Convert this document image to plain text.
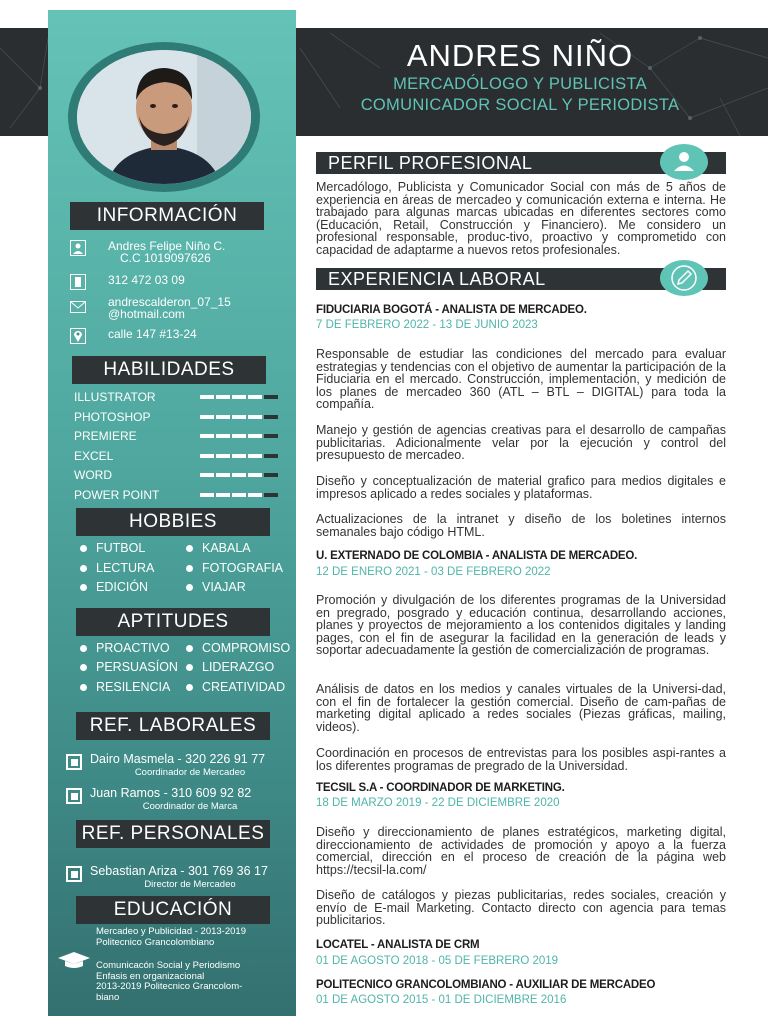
ANDRES NIÑO
MERCADÓLOGO Y PUBLICISTA
COMUNICADOR SOCIAL Y PERIODISTA
INFORMACIÓN
Andres Felipe Niño C.
C.C 1019097626
312 472 03 09
andrescalderon_07_15
@hotmail.com
calle 147 #13-24
HABILIDADES
ILLUSTRATOR
PHOTOSHOP
PREMIERE
EXCEL
WORD
POWER POINT
HOBBIES
FUTBOL	KABALA
LECTURA	FOTOGRAFIA
EDICIÓN	VIAJAR
APTITUDES
PROACTIVO	COMPROMISO
PERSUASÍON LIDERAZGO
RESILENCIA	CREATIVIDAD
REF. LABORALES
Dairo Masmela - 320 226 91 77
Coordinador de Mercadeo
Juan Ramos - 310 609 92 82
Coordinador de Marca
REF. PERSONALES
Sebastian Ariza - 301 769 36 17
Director de Mercadeo
EDUCACIÓN
Mercadeo y Publicidad - 2013-2019
Politecnico Grancolombiano
Comunicacón Social y Periodismo
Enfasis en organizacional
2013-2019 Politecnico Grancolom-
biano
PERFIL PROFESIONAL
Mercadólogo, Publicista y Comunicador Social con más de 5 años de experiencia en áreas de mercadeo y comunicación externa e interna. He trabajado para algunas marcas ubicadas en diferentes sectores como (Educación, Retail, Construcción y Financiero). Me considero un profesional responsable, produc-tivo, proactivo y comprometido con capacidad de adaptarme a nuevos retos profesionales.
EXPERIENCIA LABORAL
FIDUCIARIA BOGOTÁ - ANALISTA DE MERCADEO.
7 DE FEBRERO 2022 - 13 DE JUNIO 2023
Responsable de estudiar las condiciones del mercado para evaluar estrategias y tendencias con el objetivo de aumentar la participación de la Fiduciaria en el mercado. Construcción, implementación, y medición de los planes de mercadeo 360 (ATL – BTL – DIGITAL) para toda la compañía.
Manejo y gestión de agencias creativas para el desarrollo de campañas publicitarias. Adicionalmente velar por la ejecución y control del presupuesto de mercadeo.
Diseño y conceptualización de material grafico para medios digitales e impresos aplicado a redes sociales y plataformas.
Actualizaciones de la intranet y diseño de los boletines internos semanales bajo código HTML.
U. EXTERNADO DE COLOMBIA - ANALISTA DE MERCADEO.
12 DE ENERO 2021 - 03 DE FEBRERO 2022
Promoción y divulgación de los diferentes programas de la Universidad en pregrado, posgrado y educación continua, desarrollando acciones, planes y proyectos de mejoramiento a los contenidos digitales y landing pages, con el fin de asegurar la facilidad en la generación de leads y soportar adecuadamente la gestión de comercialización de programas.
Análisis de datos en los medios y canales virtuales de la Universi-dad, con el fin de fortalecer la gestión comercial. Diseño de cam-pañas de marketing digital aplicado a redes sociales (Piezas gráficas, mailing, videos).
Coordinación en procesos de entrevistas para los posibles aspi-rantes a los diferentes programas de pregrado de la Universidad.
TECSIL S.A - COORDINADOR DE MARKETING.
18 DE MARZO 2019 - 22 DE DICIEMBRE 2020
Diseño y direccionamiento de planes estratégicos, marketing digital, direccionamiento de actividades de promoción y apoyo a la fuerza comercial, dirección en el proceso de creación de la página web https://tecsil-la.com/
Diseño de catálogos y piezas publicitarias, redes sociales, creación y envío de E-mail Marketing. Contacto directo con agencia para temas publicitarios.
LOCATEL - ANALISTA DE CRM
01 DE AGOSTO 2018 - 05 DE FEBRERO 2019
POLITECNICO GRANCOLOMBIANO - AUXILIAR DE MERCADEO
01 DE AGOSTO 2015 - 01 DE DICIEMBRE 2016
